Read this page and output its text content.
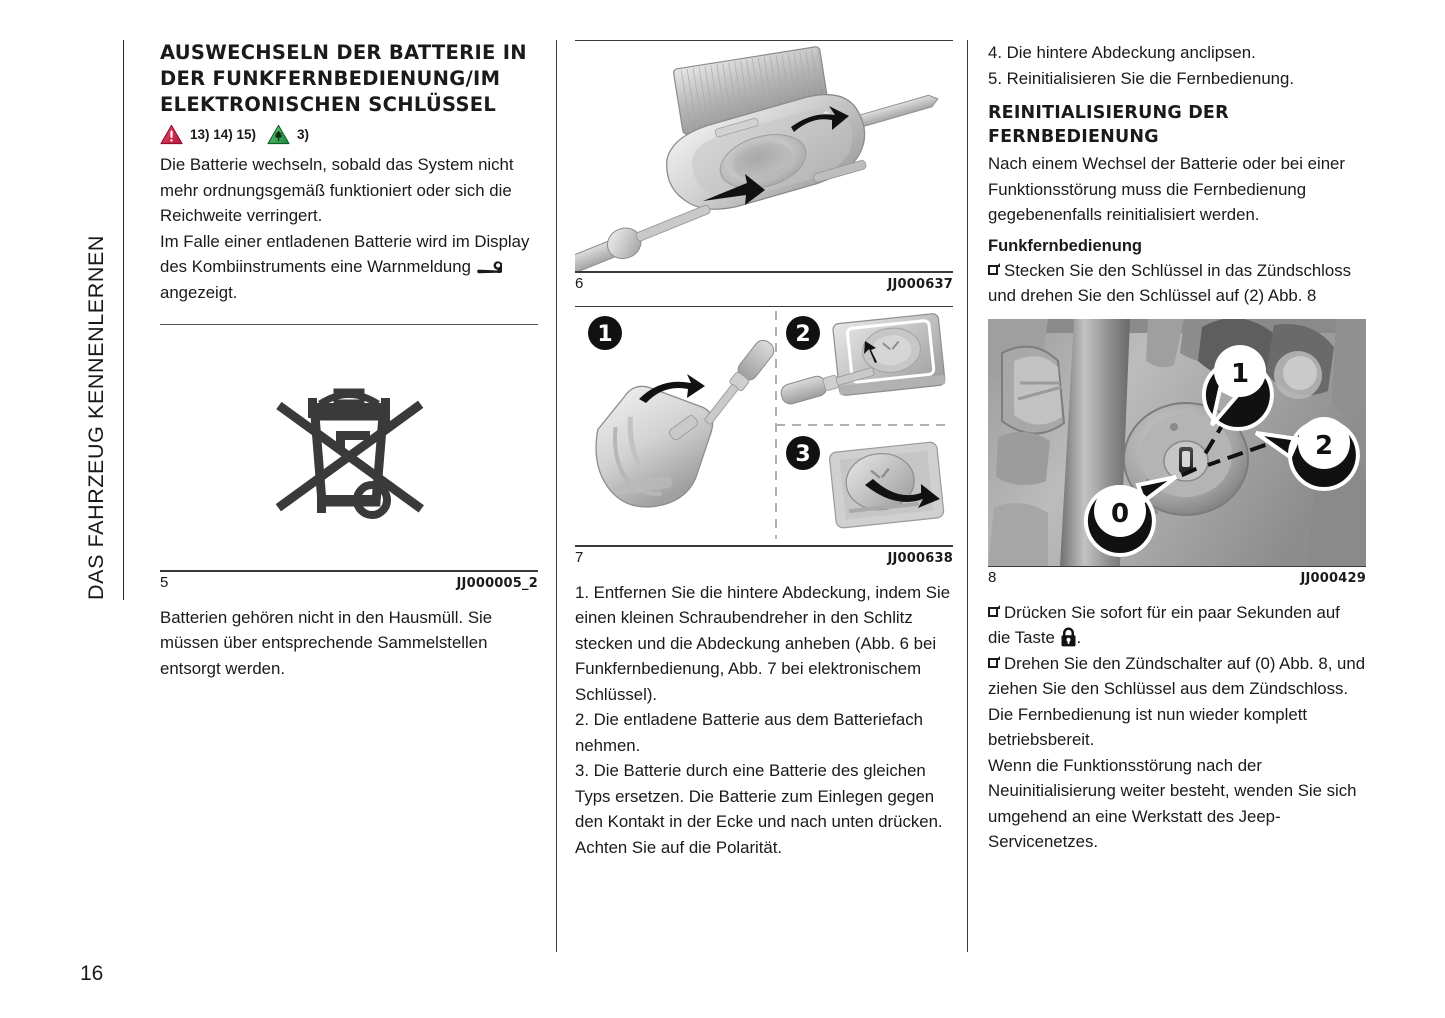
DAS FAHRZEUG KENNENLERNEN
AUSWECHSELN DER BATTERIE IN DER FUNKFERNBEDIENUNG/IM ELEKTRONISCHEN SCHLÜSSEL
13) 14) 15)	3)

Die Batterie wechseln, sobald das System nicht mehr ordnungsgemäß funktioniert oder sich die Reichweite verringert.

Im Falle einer entladenen Batterie wird im Display des Kombiinstruments eine Warnmeldung angezeigt.

5	JJ000005_2

Batterien gehören nicht in den Hausmüll. Sie müssen über entsprechende Sammelstellen entsorgt werden.

6	JJ000637
1	2
3
7	JJ000638

1. Entfernen Sie die hintere Abdeckung, indem Sie einen kleinen Schraubendreher in den Schlitz stecken und die Abdeckung anheben (Abb. 6 bei Funkfernbedienung, Abb. 7 bei elektronischem Schlüssel).

2. Die entladene Batterie aus dem Batteriefach nehmen.

3. Die Batterie durch eine Batterie des gleichen Typs ersetzen. Die Batterie zum Einlegen gegen den Kontakt in der Ecke und nach unten drücken. Achten Sie auf die Polarität.

4. Die hintere Abdeckung anclipsen.

5. Reinitialisieren Sie die Fernbedienung.

REINITIALISIERUNG DER FERNBEDIENUNG

Nach einem Wechsel der Batterie oder bei einer Funktionsstörung muss die Fernbedienung gegebenenfalls reinitialisiert werden.

Funkfernbedienung

Stecken Sie den Schlüssel in das Zündschloss und drehen Sie den Schlüssel auf (2) Abb. 8

1
2
0
8	JJ000429

Drücken Sie sofort für ein paar Sekunden auf die Taste .

Drehen Sie den Zündschalter auf (0) Abb. 8, und ziehen Sie den Schlüssel aus dem Zündschloss.

Die Fernbedienung ist nun wieder komplett betriebsbereit.

Wenn die Funktionsstörung nach der Neuinitialisierung weiter besteht, wenden Sie sich umgehend an eine Werkstatt des Jeep-Servicenetzes.

16
